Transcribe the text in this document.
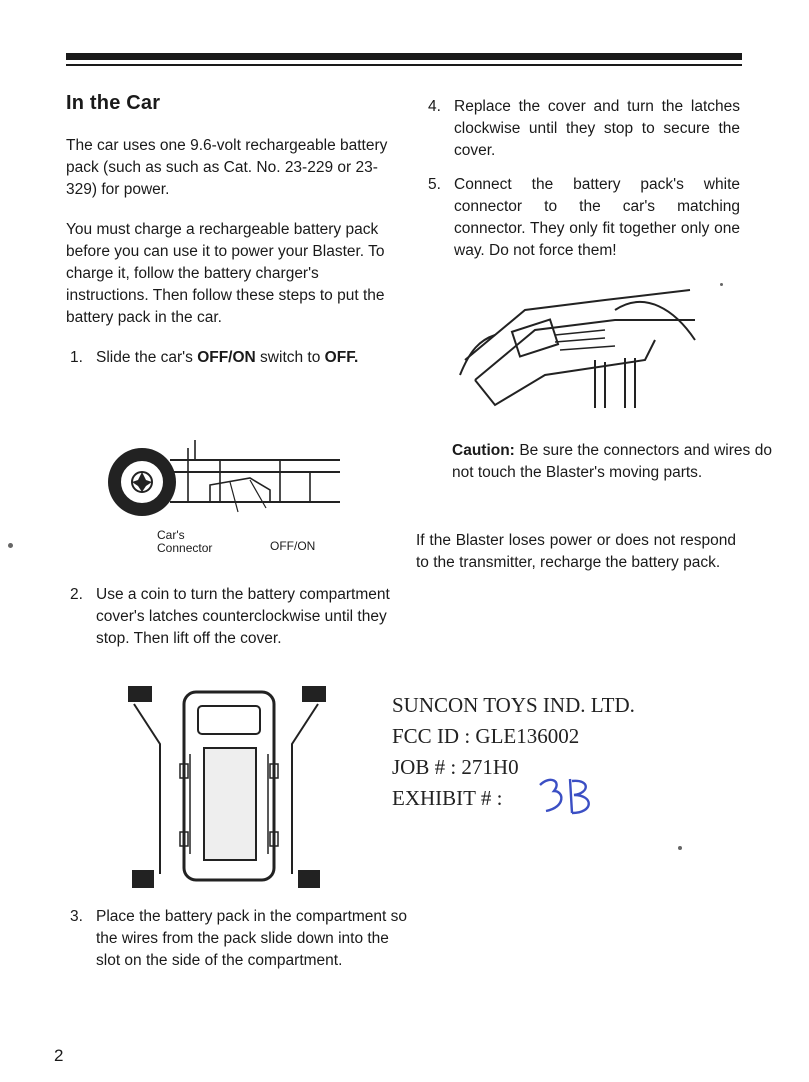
In the Car

The car uses one 9.6-volt rechargeable battery pack (such as such as Cat. No. 23-229 or 23-329) for power.

You must charge a rechargeable battery pack before you can use it to power your Blaster. To charge it, follow the battery charger's instructions. Then follow these steps to put the battery pack in the car.

1. Slide the car's OFF/ON switch to OFF.
Car's
Connector	OFF/ON
2. Use a coin to turn the battery compartment cover's latches counterclockwise until they stop. Then lift off the cover.
3. Place the battery pack in the compartment so the wires from the pack slide down into the slot on the side of the compartment.
4. Replace the cover and turn the latches clockwise until they stop to secure the cover.
5. Connect the battery pack's white connector to the car's matching connector. They only fit together only one way. Do not force them!
Caution: Be sure the connectors and wires do not touch the Blaster's moving parts.

If the Blaster loses power or does not respond to the transmitter, recharge the battery pack.

SUNCON TOYS IND. LTD.
FCC ID : GLE136002
JOB # : 271H0
EXHIBIT # :
2
